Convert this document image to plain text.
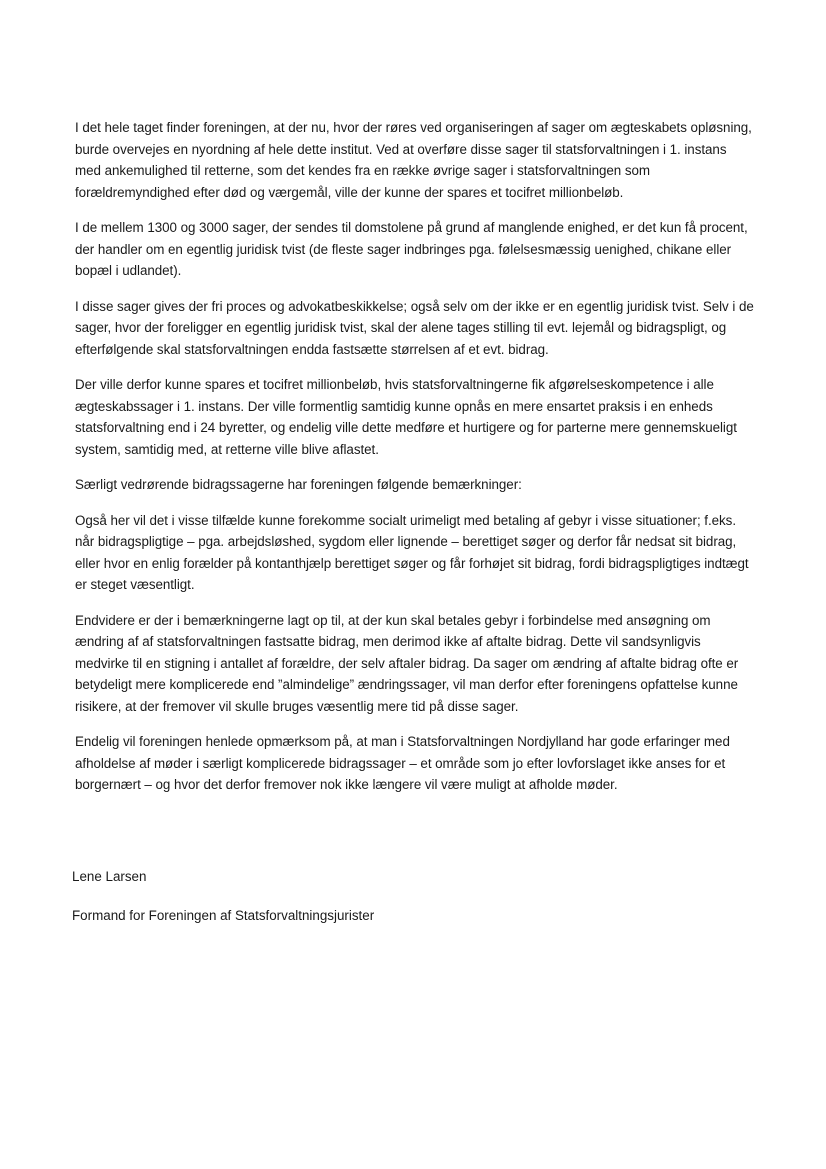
I det hele taget finder foreningen, at der nu, hvor der røres ved organiseringen af sager om ægteskabets opløsning, burde overvejes en nyordning af hele dette institut. Ved at overføre disse sager til statsforvaltningen i 1. instans med ankemulighed til retterne, som det kendes fra en række øvrige sager i statsforvaltningen som forældremyndighed efter død og værgemål, ville der kunne der spares et tocifret millionbeløb.

I de mellem 1300 og 3000 sager, der sendes til domstolene på grund af manglende enighed, er det kun få procent, der handler om en egentlig juridisk tvist (de fleste sager indbringes pga. følelsesmæssig uenighed, chikane eller bopæl i udlandet).

I disse sager gives der fri proces og advokatbeskikkelse; også selv om der ikke er en egentlig juridisk tvist. Selv i de sager, hvor der foreligger en egentlig juridisk tvist, skal der alene tages stilling til evt. lejemål og bidragspligt, og efterfølgende skal statsforvaltningen endda fastsætte størrelsen af et evt. bidrag.

Der ville derfor kunne spares et tocifret millionbeløb, hvis statsforvaltningerne fik afgørelseskompetence i alle ægteskabssager i 1. instans. Der ville formentlig samtidig kunne opnås en mere ensartet praksis i en enheds statsforvaltning end i 24 byretter, og endelig ville dette medføre et hurtigere og for parterne mere gennemskueligt system, samtidig med, at retterne ville blive aflastet.

Særligt vedrørende bidragssagerne har foreningen følgende bemærkninger:

Også her vil det i visse tilfælde kunne forekomme socialt urimeligt med betaling af gebyr i visse situationer; f.eks. når bidragspligtige – pga. arbejdsløshed, sygdom eller lignende – berettiget søger og derfor får nedsat sit bidrag, eller hvor en enlig forælder på kontanthjælp berettiget søger og får forhøjet sit bidrag, fordi bidragspligtiges indtægt er steget væsentligt.

Endvidere er der i bemærkningerne lagt op til, at der kun skal betales gebyr i forbindelse med ansøgning om ændring af af statsforvaltningen fastsatte bidrag, men derimod ikke af aftalte bidrag. Dette vil sandsynligvis medvirke til en stigning i antallet af forældre, der selv aftaler bidrag. Da sager om ændring af aftalte bidrag ofte er betydeligt mere komplicerede end ”almindelige” ændringssager, vil man derfor efter foreningens opfattelse kunne risikere, at der fremover vil skulle bruges væsentlig mere tid på disse sager.

Endelig vil foreningen henlede opmærksom på, at man i Statsforvaltningen Nordjylland har gode erfaringer med afholdelse af møder i særligt komplicerede bidragssager – et område som jo efter lovforslaget ikke anses for et borgernært – og hvor det derfor fremover nok ikke længere vil være muligt at afholde møder.

Lene Larsen

Formand for Foreningen af Statsforvaltningsjurister
